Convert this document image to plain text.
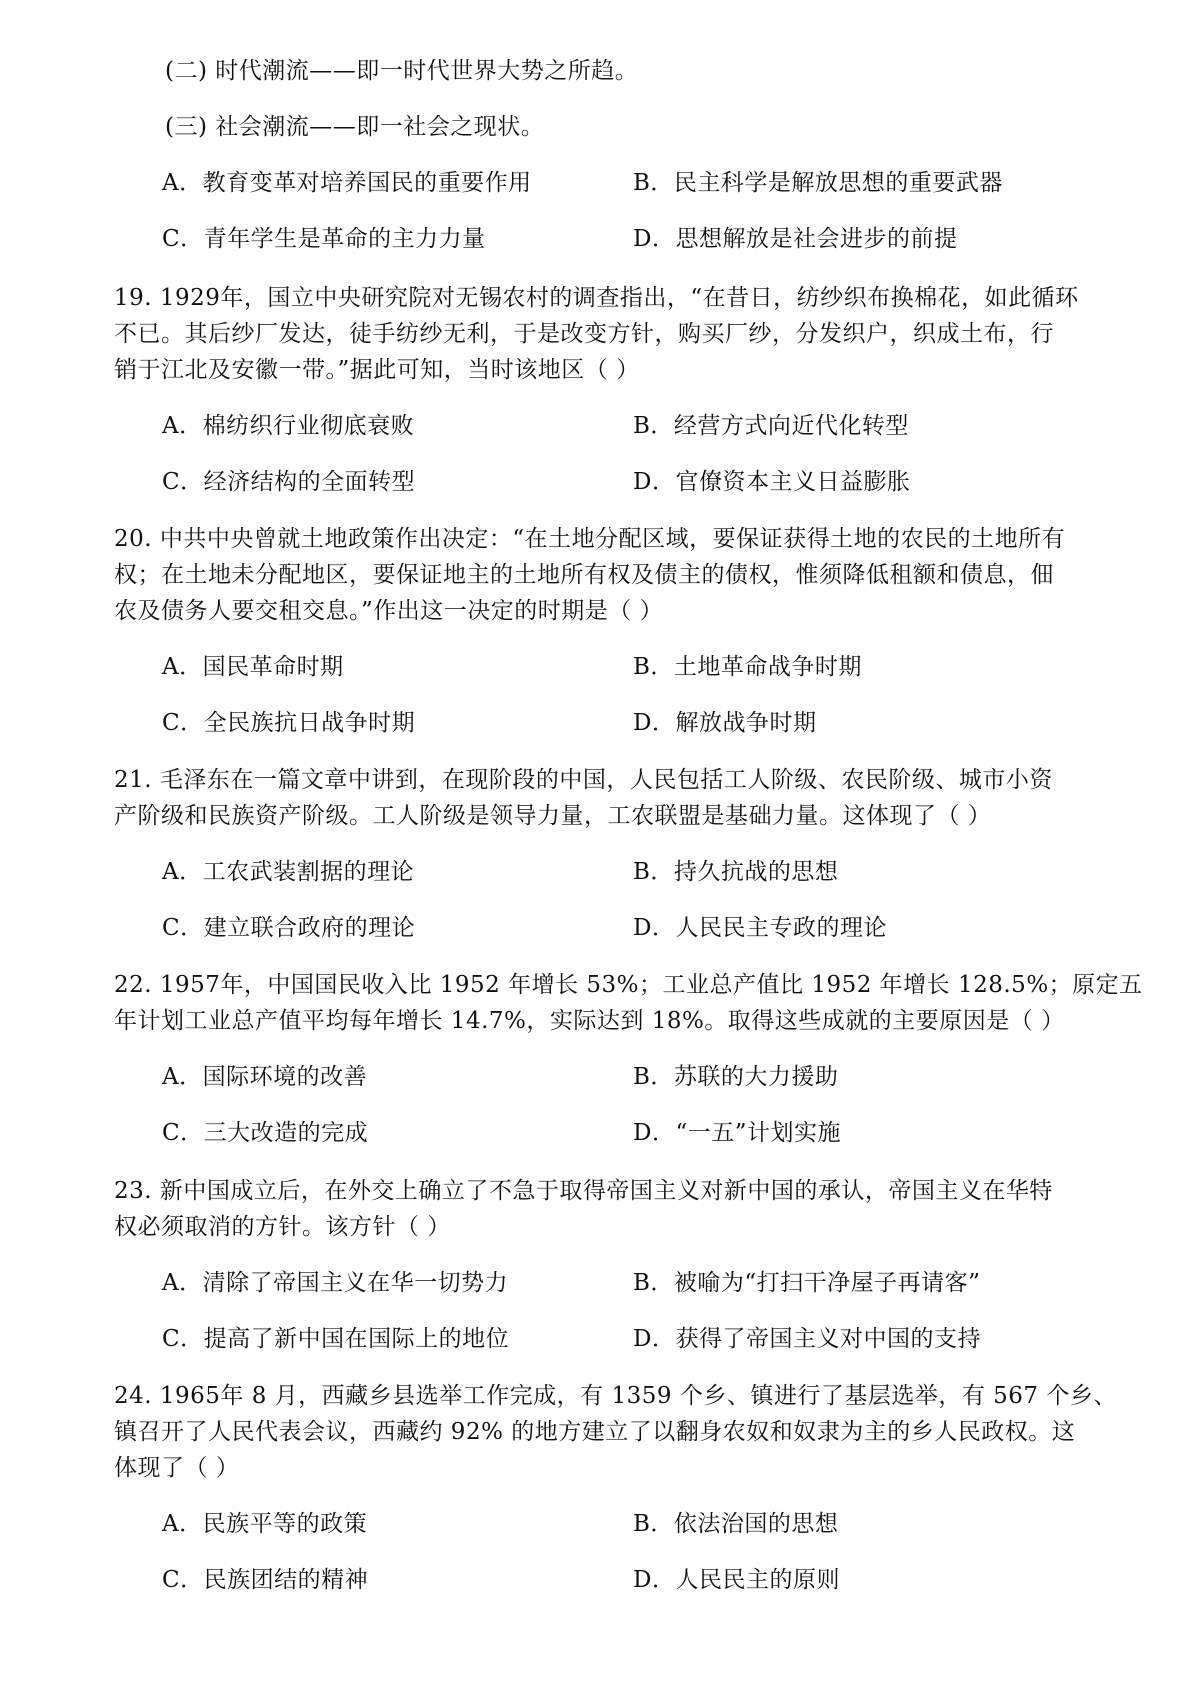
(二) 时代潮流——即一时代世界大势之所趋。
(三) 社会潮流——即一社会之现状。
A．教育变革对培养国民的重要作用	B．民主科学是解放思想的重要武器
C．青年学生是革命的主力力量	D．思想解放是社会进步的前提
19. 1929年，国立中央研究院对无锡农村的调查指出，“在昔日，纺纱织布换棉花，如此循环
不已。其后纱厂发达，徒手纺纱无利，于是改变方针，购买厂纱，分发织户，织成土布，行
销于江北及安徽一带。”据此可知，当时该地区（ ）
A．棉纺织行业彻底衰败	B．经营方式向近代化转型
C．经济结构的全面转型	D．官僚资本主义日益膨胀
20. 中共中央曾就土地政策作出决定：“在土地分配区域，要保证获得土地的农民的土地所有
权；在土地未分配地区，要保证地主的土地所有权及债主的债权，惟须降低租额和债息，佃
农及债务人要交租交息。”作出这一决定的时期是（ ）
A．国民革命时期	B．土地革命战争时期
C．全民族抗日战争时期	D．解放战争时期
21. 毛泽东在一篇文章中讲到，在现阶段的中国，人民包括工人阶级、农民阶级、城市小资
产阶级和民族资产阶级。工人阶级是领导力量，工农联盟是基础力量。这体现了（ ）
A．工农武装割据的理论	B．持久抗战的思想
C．建立联合政府的理论	D．人民民主专政的理论
22. 1957年，中国国民收入比 1952 年增长 53%；工业总产值比 1952 年增长 128.5%；原定五
年计划工业总产值平均每年增长 14.7%，实际达到 18%。取得这些成就的主要原因是（ ）
A．国际环境的改善	B．苏联的大力援助
C．三大改造的完成	D．“一五”计划实施
23. 新中国成立后，在外交上确立了不急于取得帝国主义对新中国的承认，帝国主义在华特
权必须取消的方针。该方针（ ）
A．清除了帝国主义在华一切势力	B．被喻为“打扫干净屋子再请客”
C．提高了新中国在国际上的地位	D．获得了帝国主义对中国的支持
24. 1965年 8 月，西藏乡县选举工作完成，有 1359 个乡、镇进行了基层选举，有 567 个乡、
镇召开了人民代表会议，西藏约 92% 的地方建立了以翻身农奴和奴隶为主的乡人民政权。这
体现了（ ）
A．民族平等的政策	B．依法治国的思想
C．民族团结的精神	D．人民民主的原则
